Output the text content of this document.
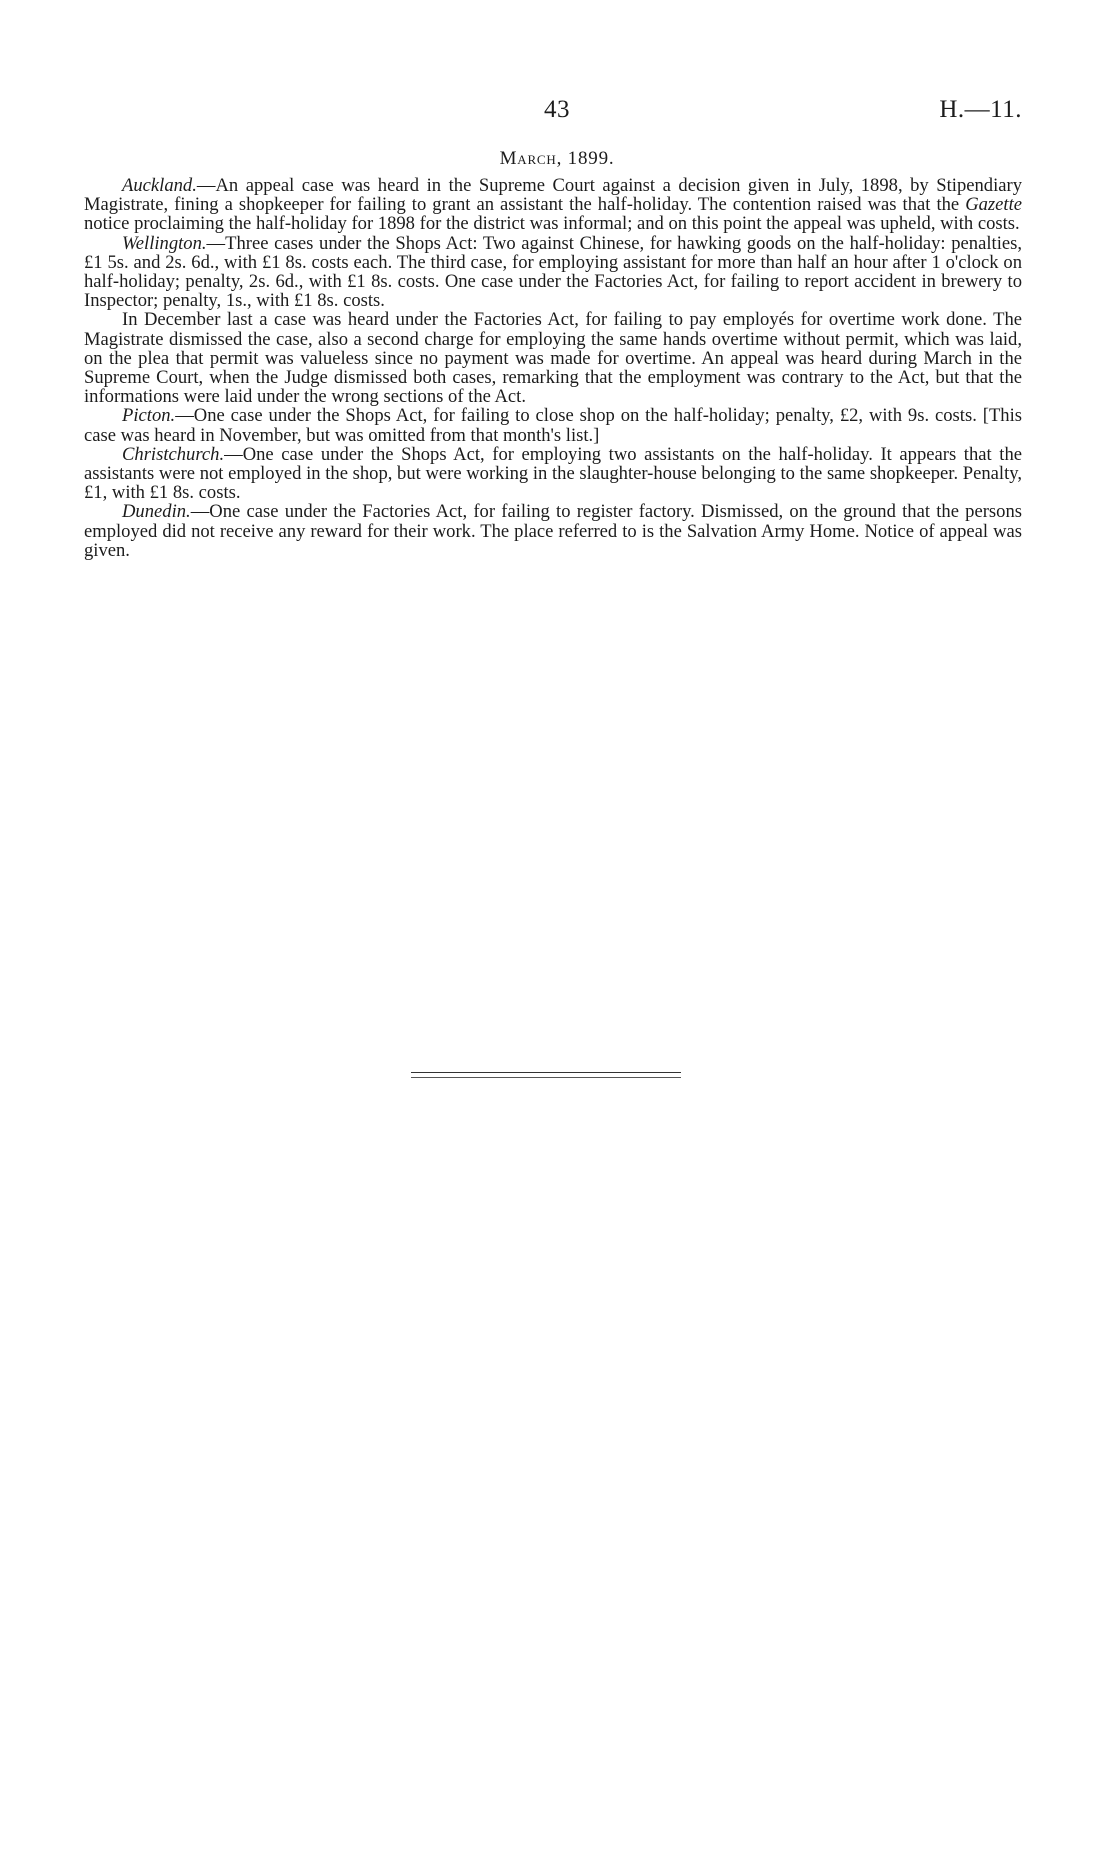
43	H.—11.
March, 1899.

Auckland.—An appeal case was heard in the Supreme Court against a decision given in July, 1898, by Stipendiary Magistrate, fining a shopkeeper for failing to grant an assistant the half-holiday. The contention raised was that the Gazette notice proclaiming the half-holiday for 1898 for the district was informal; and on this point the appeal was upheld, with costs.

Wellington.—Three cases under the Shops Act: Two against Chinese, for hawking goods on the half-holiday: penalties, £1 5s. and 2s. 6d., with £1 8s. costs each. The third case, for employing assistant for more than half an hour after 1 o'clock on half-holiday; penalty, 2s. 6d., with £1 8s. costs. One case under the Factories Act, for failing to report accident in brewery to Inspector; penalty, 1s., with £1 8s. costs.

In December last a case was heard under the Factories Act, for failing to pay employés for overtime work done. The Magistrate dismissed the case, also a second charge for employing the same hands overtime without permit, which was laid, on the plea that permit was valueless since no payment was made for overtime. An appeal was heard during March in the Supreme Court, when the Judge dismissed both cases, remarking that the employment was contrary to the Act, but that the informations were laid under the wrong sections of the Act.

Picton.—One case under the Shops Act, for failing to close shop on the half-holiday; penalty, £2, with 9s. costs. [This case was heard in November, but was omitted from that month's list.]

Christchurch.—One case under the Shops Act, for employing two assistants on the half-holiday. It appears that the assistants were not employed in the shop, but were working in the slaughter-house belonging to the same shopkeeper. Penalty, £1, with £1 8s. costs.

Dunedin.—One case under the Factories Act, for failing to register factory. Dismissed, on the ground that the persons employed did not receive any reward for their work. The place referred to is the Salvation Army Home. Notice of appeal was given.
